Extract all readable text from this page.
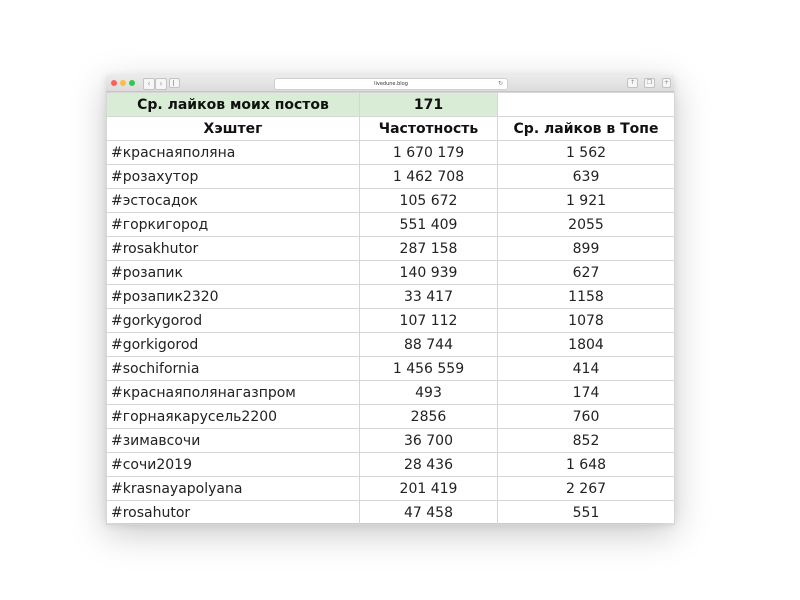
‹	›	livedune.blog	↻	↑	❐	+
Ср. лайков моих постов	171	
Хэштег	Частотность	Ср. лайков в Топе
#краснаяполяна	1 670 179	1 562
#розахутор	1 462 708	639
#эстосадок	105 672	1 921
#горкигород	551 409	2055
#rosakhutor	287 158	899
#розапик	140 939	627
#розапик2320	33 417	1158
#gorkygorod	107 112	1078
#gorkigorod	88 744	1804
#sochifornia	1 456 559	414
#краснаяполянагазпром	493	174
#горнаякарусель2200	2856	760
#зимавсочи	36 700	852
#сочи2019	28 436	1 648
#krasnayapolyana	201 419	2 267
#rosahutor	47 458	551
